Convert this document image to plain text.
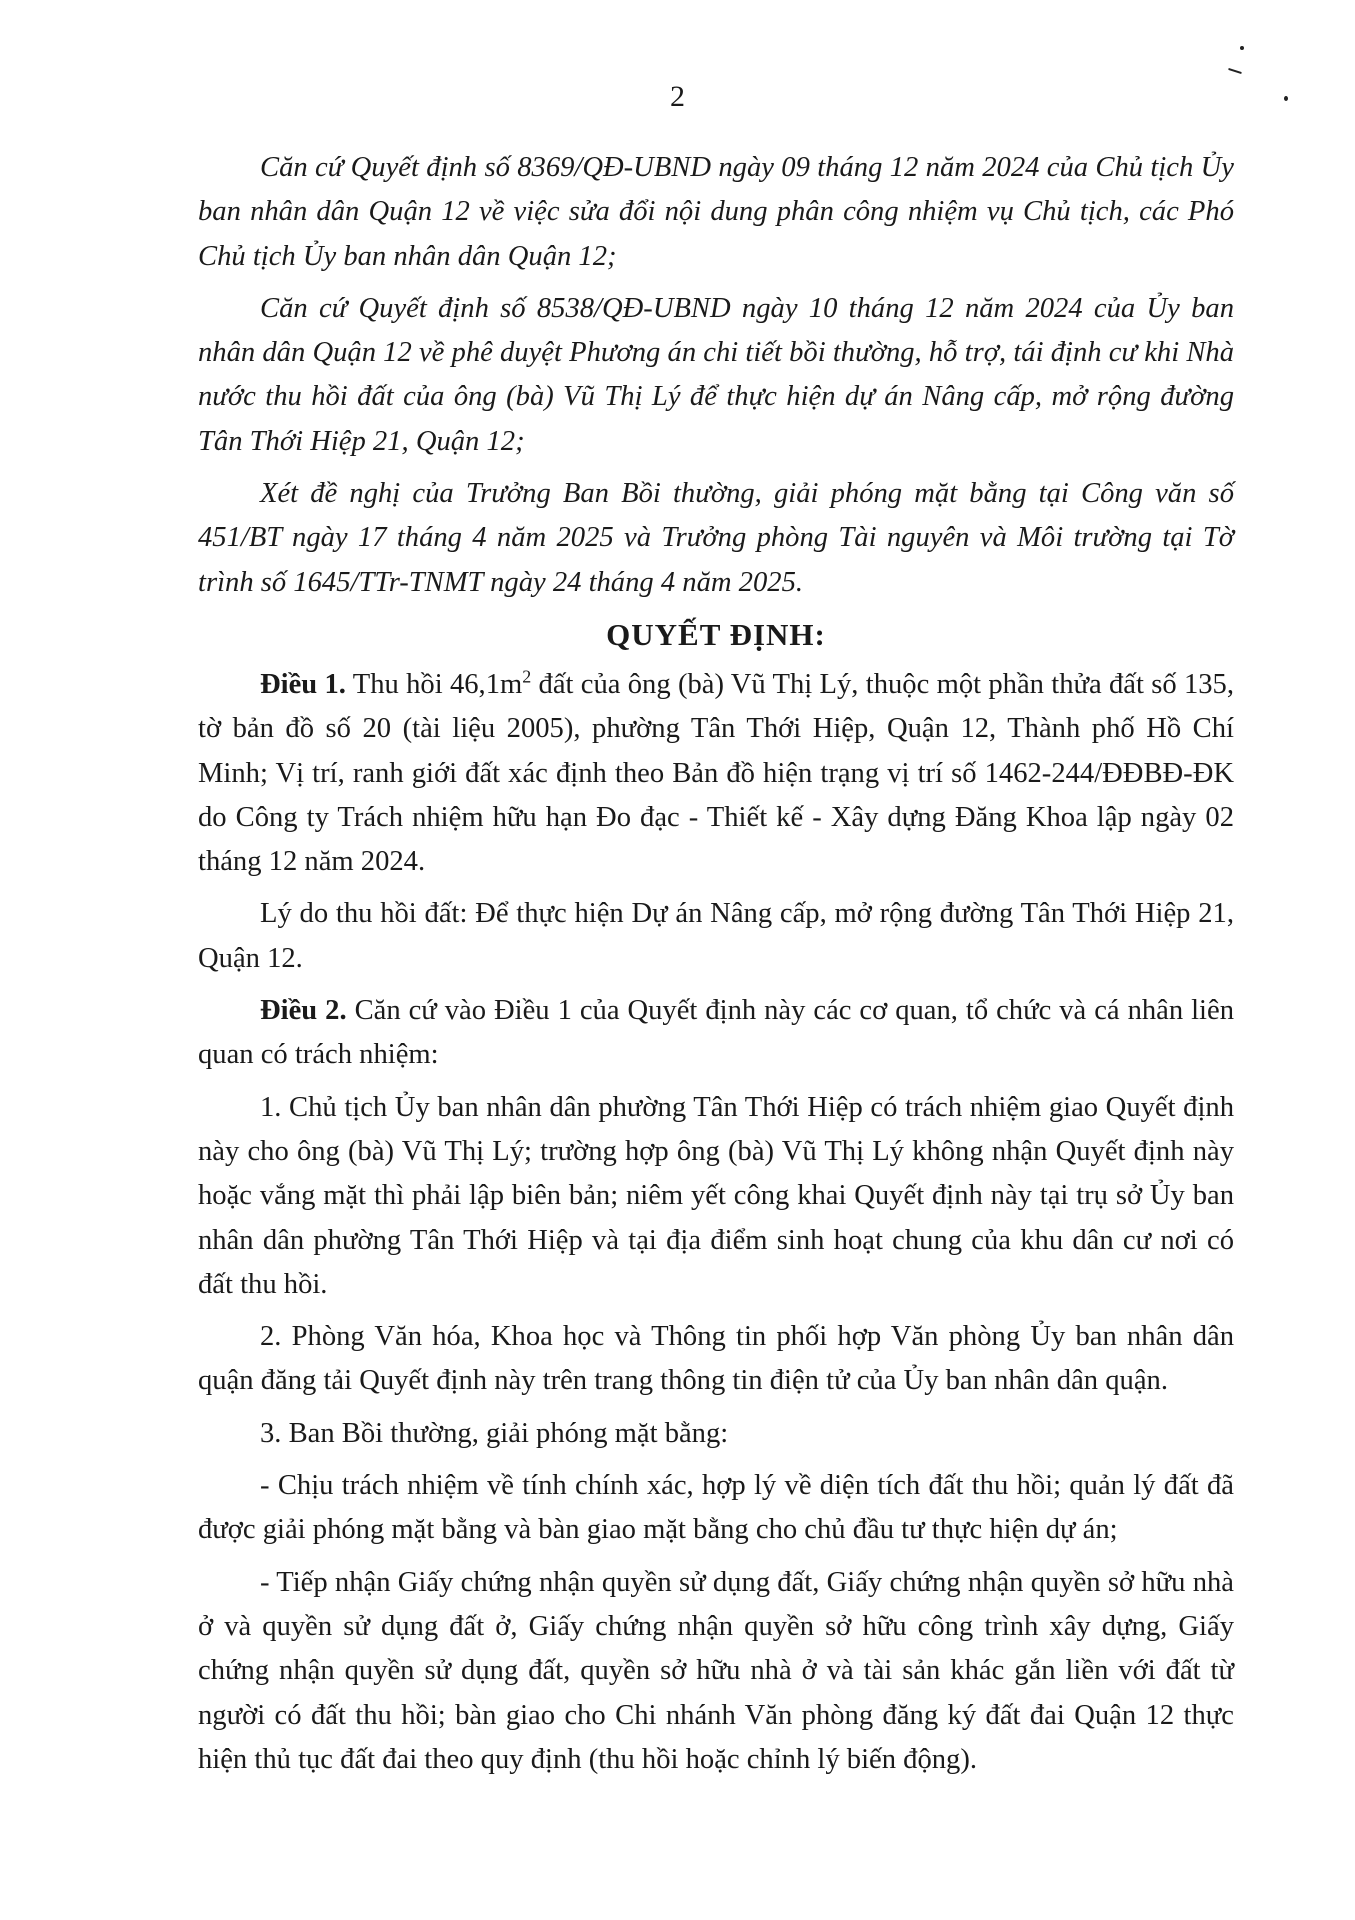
2

Căn cứ Quyết định số 8369/QĐ-UBND ngày 09 tháng 12 năm 2024 của Chủ tịch Ủy ban nhân dân Quận 12 về việc sửa đổi nội dung phân công nhiệm vụ Chủ tịch, các Phó Chủ tịch Ủy ban nhân dân Quận 12;

Căn cứ Quyết định số 8538/QĐ-UBND ngày 10 tháng 12 năm 2024 của Ủy ban nhân dân Quận 12 về phê duyệt Phương án chi tiết bồi thường, hỗ trợ, tái định cư khi Nhà nước thu hồi đất của ông (bà) Vũ Thị Lý để thực hiện dự án Nâng cấp, mở rộng đường Tân Thới Hiệp 21, Quận 12;

Xét đề nghị của Trưởng Ban Bồi thường, giải phóng mặt bằng tại Công văn số 451/BT ngày 17 tháng 4 năm 2025 và Trưởng phòng Tài nguyên và Môi trường tại Tờ trình số 1645/TTr-TNMT ngày 24 tháng 4 năm 2025.

QUYẾT ĐỊNH:

Điều 1. Thu hồi $46,1m^2$ đất của ông (bà) Vũ Thị Lý, thuộc một phần thửa đất số 135, tờ bản đồ số 20 (tài liệu 2005), phường Tân Thới Hiệp, Quận 12, Thành phố Hồ Chí Minh; Vị trí, ranh giới đất xác định theo Bản đồ hiện trạng vị trí số 1462-244/ĐĐBĐ-ĐK do Công ty Trách nhiệm hữu hạn Đo đạc - Thiết kế - Xây dựng Đăng Khoa lập ngày 02 tháng 12 năm 2024.

Lý do thu hồi đất: Để thực hiện Dự án Nâng cấp, mở rộng đường Tân Thới Hiệp 21, Quận 12.

Điều 2. Căn cứ vào Điều 1 của Quyết định này các cơ quan, tổ chức và cá nhân liên quan có trách nhiệm:

1. Chủ tịch Ủy ban nhân dân phường Tân Thới Hiệp có trách nhiệm giao Quyết định này cho ông (bà) Vũ Thị Lý; trường hợp ông (bà) Vũ Thị Lý không nhận Quyết định này hoặc vắng mặt thì phải lập biên bản; niêm yết công khai Quyết định này tại trụ sở Ủy ban nhân dân phường Tân Thới Hiệp và tại địa điểm sinh hoạt chung của khu dân cư nơi có đất thu hồi.

2. Phòng Văn hóa, Khoa học và Thông tin phối hợp Văn phòng Ủy ban nhân dân quận đăng tải Quyết định này trên trang thông tin điện tử của Ủy ban nhân dân quận.

3. Ban Bồi thường, giải phóng mặt bằng:

- Chịu trách nhiệm về tính chính xác, hợp lý về diện tích đất thu hồi; quản lý đất đã được giải phóng mặt bằng và bàn giao mặt bằng cho chủ đầu tư thực hiện dự án;

- Tiếp nhận Giấy chứng nhận quyền sử dụng đất, Giấy chứng nhận quyền sở hữu nhà ở và quyền sử dụng đất ở, Giấy chứng nhận quyền sở hữu công trình xây dựng, Giấy chứng nhận quyền sử dụng đất, quyền sở hữu nhà ở và tài sản khác gắn liền với đất từ người có đất thu hồi; bàn giao cho Chi nhánh Văn phòng đăng ký đất đai Quận 12 thực hiện thủ tục đất đai theo quy định (thu hồi hoặc chỉnh lý biến động).
